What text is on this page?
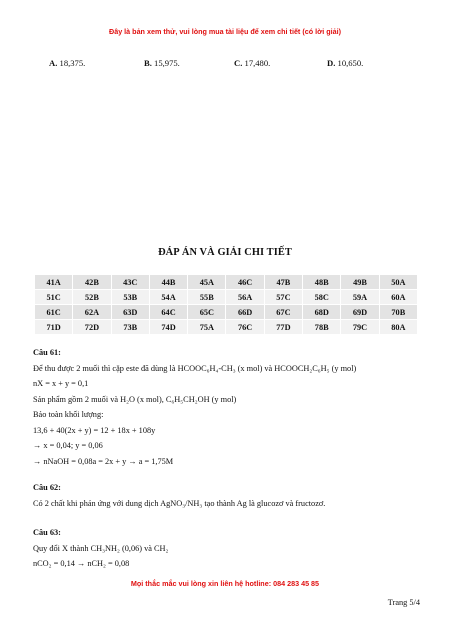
Đây là bản xem thử, vui lòng mua tài liệu để xem chi tiết (có lời giải)
A. 18,375.	B. 15,975.	C. 17,480.	D. 10,650.
ĐÁP ÁN VÀ GIẢI CHI TIẾT
41A	42B	43C	44B	45A	46C	47B	48B	49B	50A
51C	52B	53B	54A	55B	56A	57C	58C	59A	60A
61C	62A	63D	64C	65C	66D	67C	68D	69D	70B
71D	72D	73B	74D	75A	76C	77D	78B	79C	80A
Câu 61:
Để thu được 2 muối thì cặp este đã dùng là HCOOC₆H₄-CH₃ (x mol) và HCOOCH₂C₆H₅ (y mol)
nX = x + y = 0,1
Sản phẩm gồm 2 muối và H₂O (x mol), C₆H₅CH₂OH (y mol)
Bảo toàn khối lượng:
13,6 + 40(2x + y) = 12 + 18x + 108y
→ x = 0,04; y = 0,06
→ nNaOH = 0,08a = 2x + y → a = 1,75M
Câu 62:
Có 2 chất khi phản ứng với dung dịch AgNO₃/NH₃ tạo thành Ag là glucozơ và fructozơ.
Câu 63:
Quy đổi X thành CH₃NH₂ (0,06) và CH₂
nCO₂ = 0,14 → nCH₂ = 0,08
Mọi thắc mắc vui lòng xin liên hệ hotline: 084 283 45 85
Trang 5/4
